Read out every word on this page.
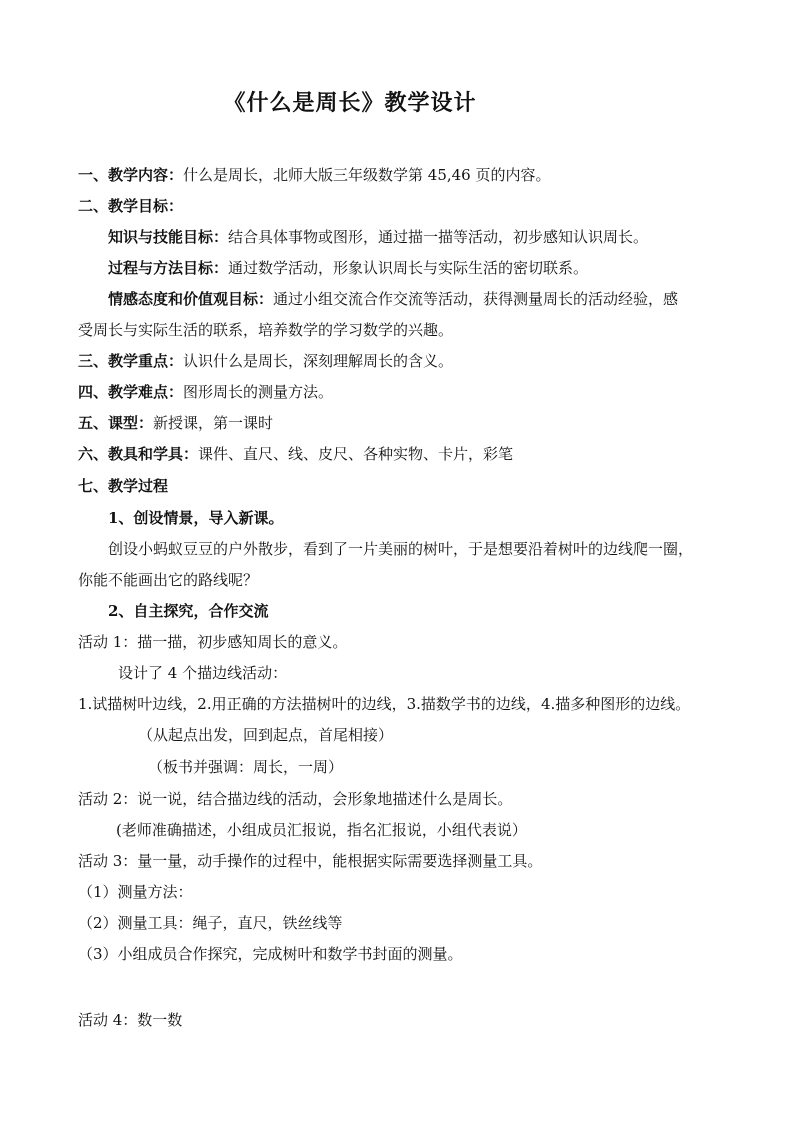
《什么是周长》教学设计
一、教学内容：什么是周长，北师大版三年级数学第 45,46 页的内容。
二、教学目标：
知识与技能目标：结合具体事物或图形，通过描一描等活动，初步感知认识周长。
过程与方法目标：通过数学活动，形象认识周长与实际生活的密切联系。
情感态度和价值观目标：通过小组交流合作交流等活动，获得测量周长的活动经验，感
受周长与实际生活的联系，培养数学的学习数学的兴趣。
三、教学重点：认识什么是周长，深刻理解周长的含义。
四、教学难点：图形周长的测量方法。
五、课型：新授课，第一课时
六、教具和学具：课件、直尺、线、皮尺、各种实物、卡片，彩笔
七、教学过程
1、创设情景，导入新课。
创设小蚂蚁豆豆的户外散步，看到了一片美丽的树叶，于是想要沿着树叶的边线爬一圈，
你能不能画出它的路线呢？
2、自主探究，合作交流
活动 1：描一描，初步感知周长的意义。
设计了 4 个描边线活动：
1.试描树叶边线，2.用正确的方法描树叶的边线，3.描数学书的边线，4.描多种图形的边线。
（从起点出发，回到起点，首尾相接）
（板书并强调：周长，一周）
活动 2：说一说，结合描边线的活动，会形象地描述什么是周长。
(老师准确描述，小组成员汇报说，指名汇报说，小组代表说）
活动 3：量一量，动手操作的过程中，能根据实际需要选择测量工具。
（1）测量方法：
（2）测量工具：绳子，直尺，铁丝线等
（3）小组成员合作探究，完成树叶和数学书封面的测量。
活动 4：数一数
